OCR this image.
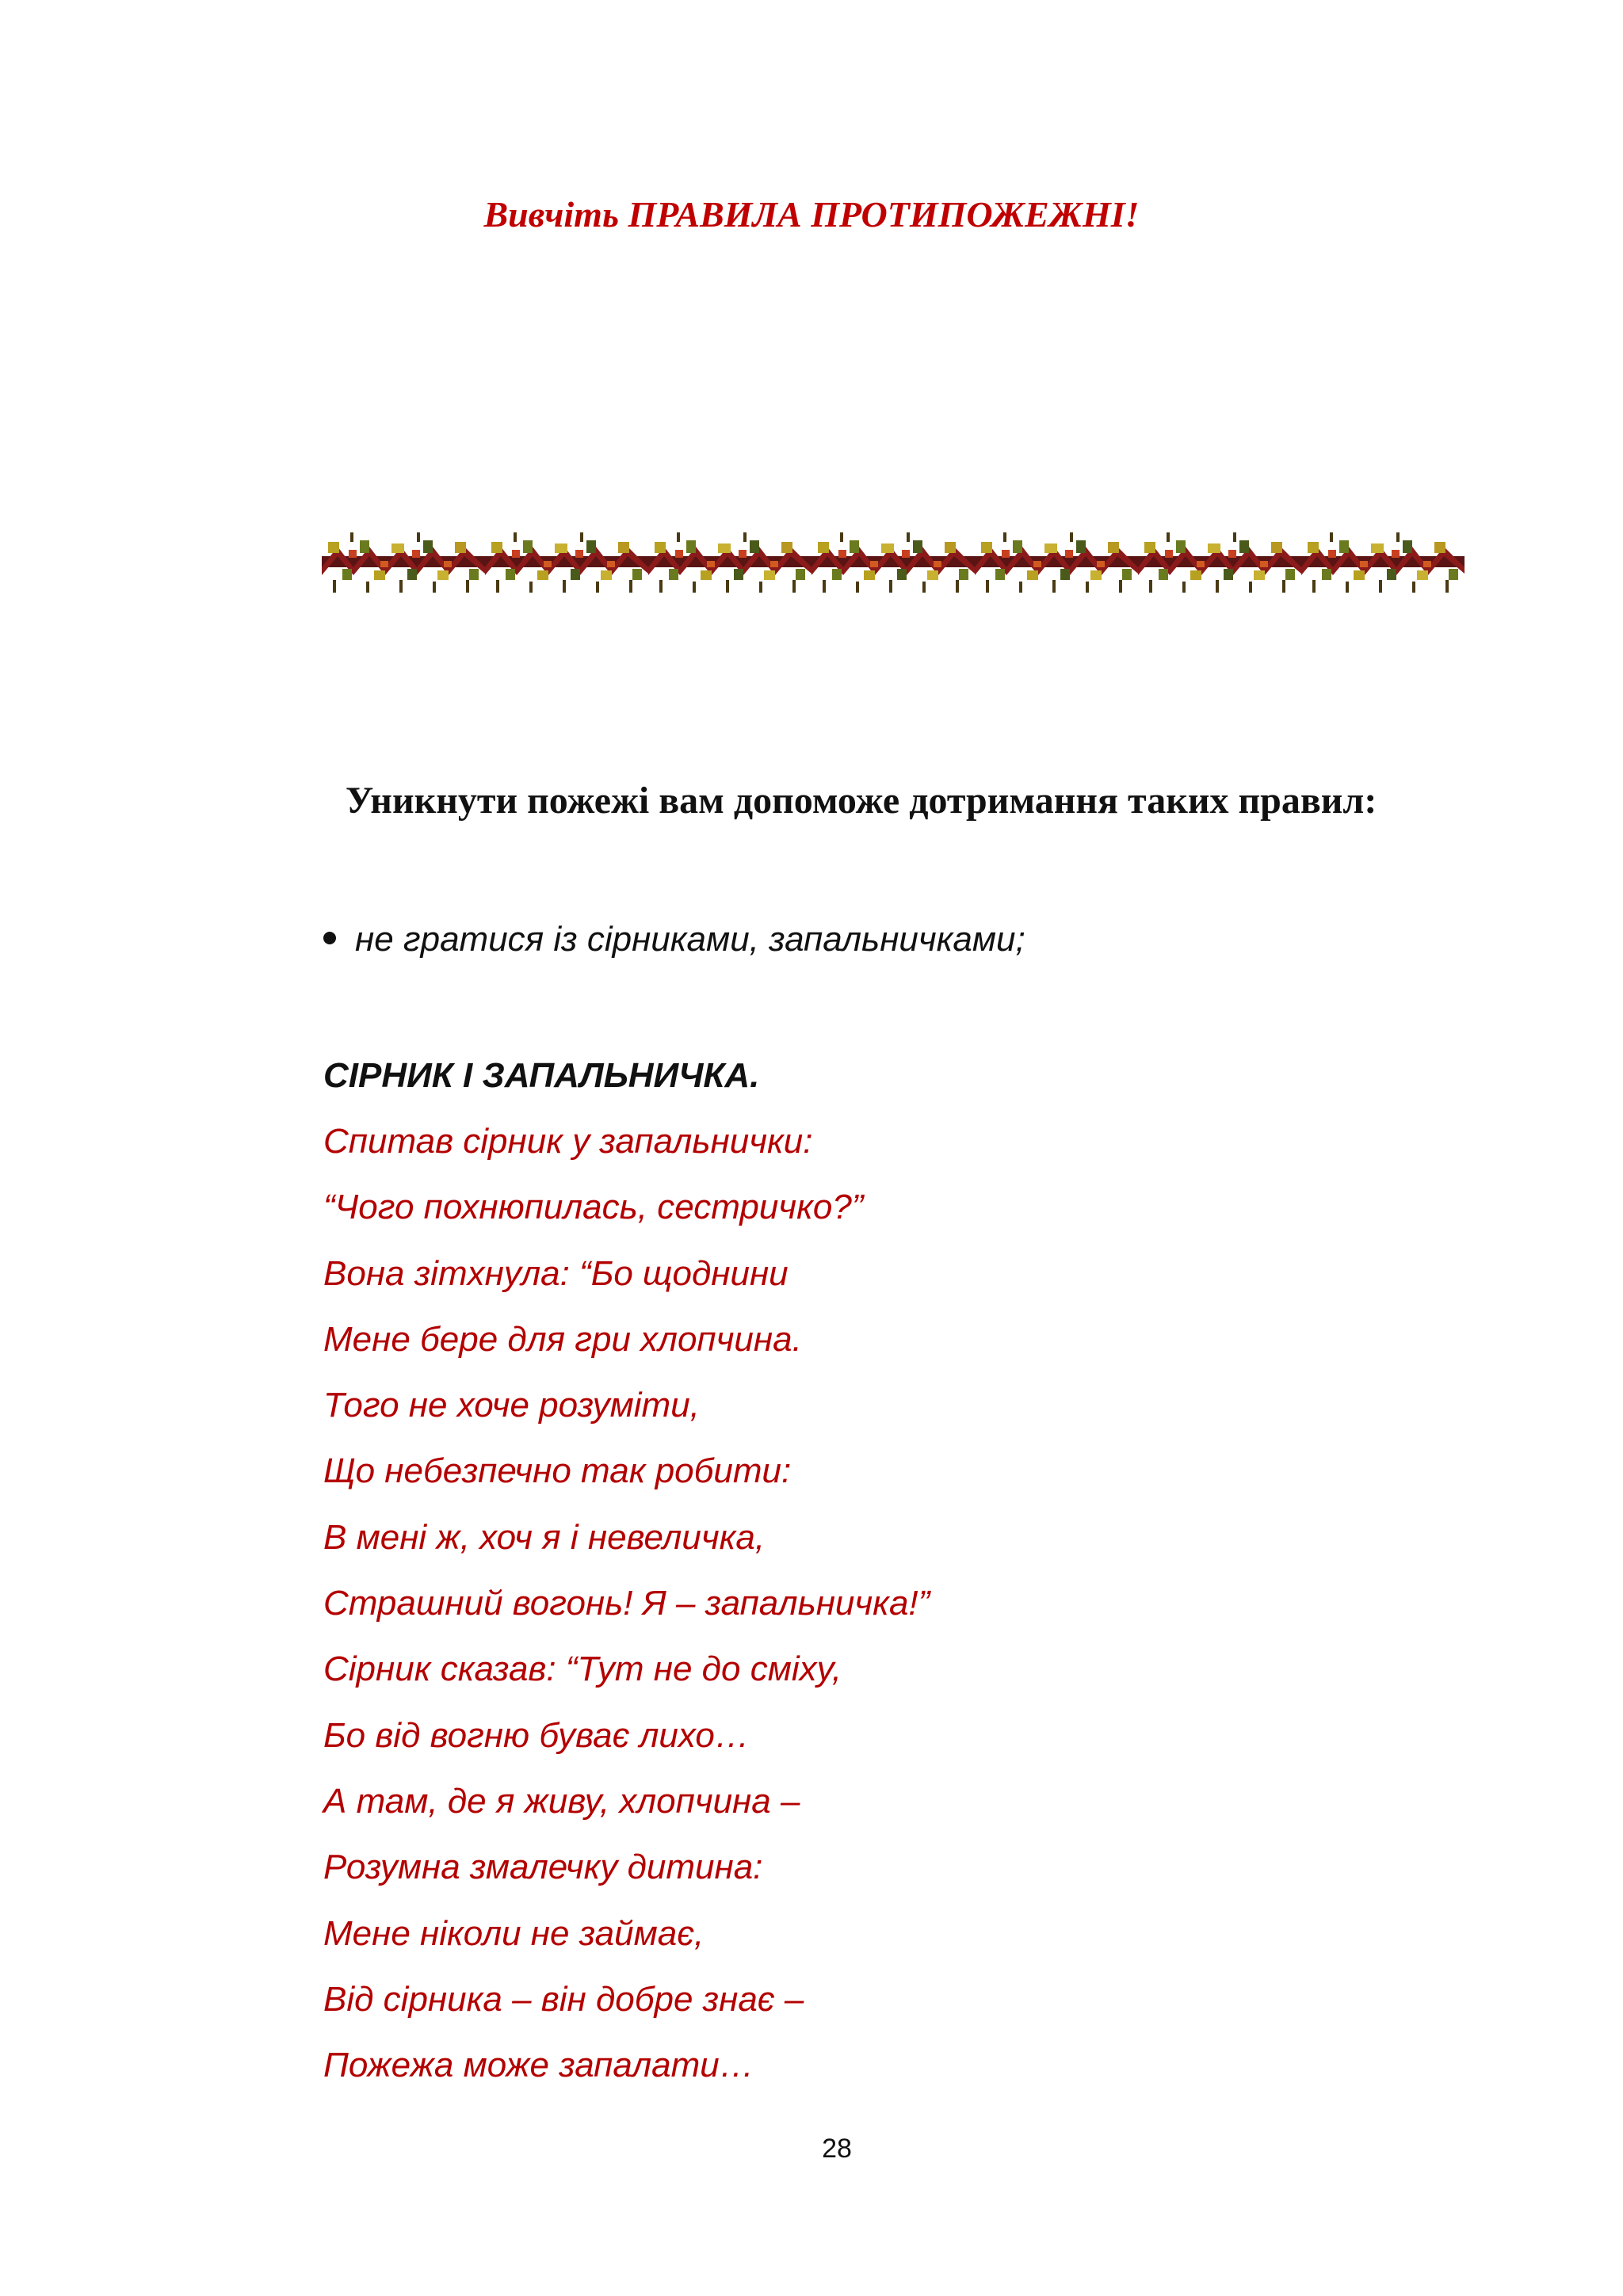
Вивчіть ПРАВИЛА ПРОТИПОЖЕЖНІ!

Уникнути пожежі вам допоможе дотримання таких правил:

не гратися із сірниками, запальничками;
СІРНИК І ЗАПАЛЬНИЧКА.
Спитав сірник у запальнички:
“Чого похнюпилась, сестричко?”
Вона зітхнула: “Бо щоднини
Мене бере для гри хлопчина.
Того не хоче розуміти,
Що небезпечно так робити:
В мені ж, хоч я і невеличка,
Страшний вогонь! Я – запальничка!”
Сірник сказав: “Тут не до сміху,
Бо від вогню буває лихо…
А там, де я живу, хлопчина –
Розумна змалечку дитина:
Мене ніколи не займає,
Від сірника – він добре знає –
Пожежа може запалати…
28
